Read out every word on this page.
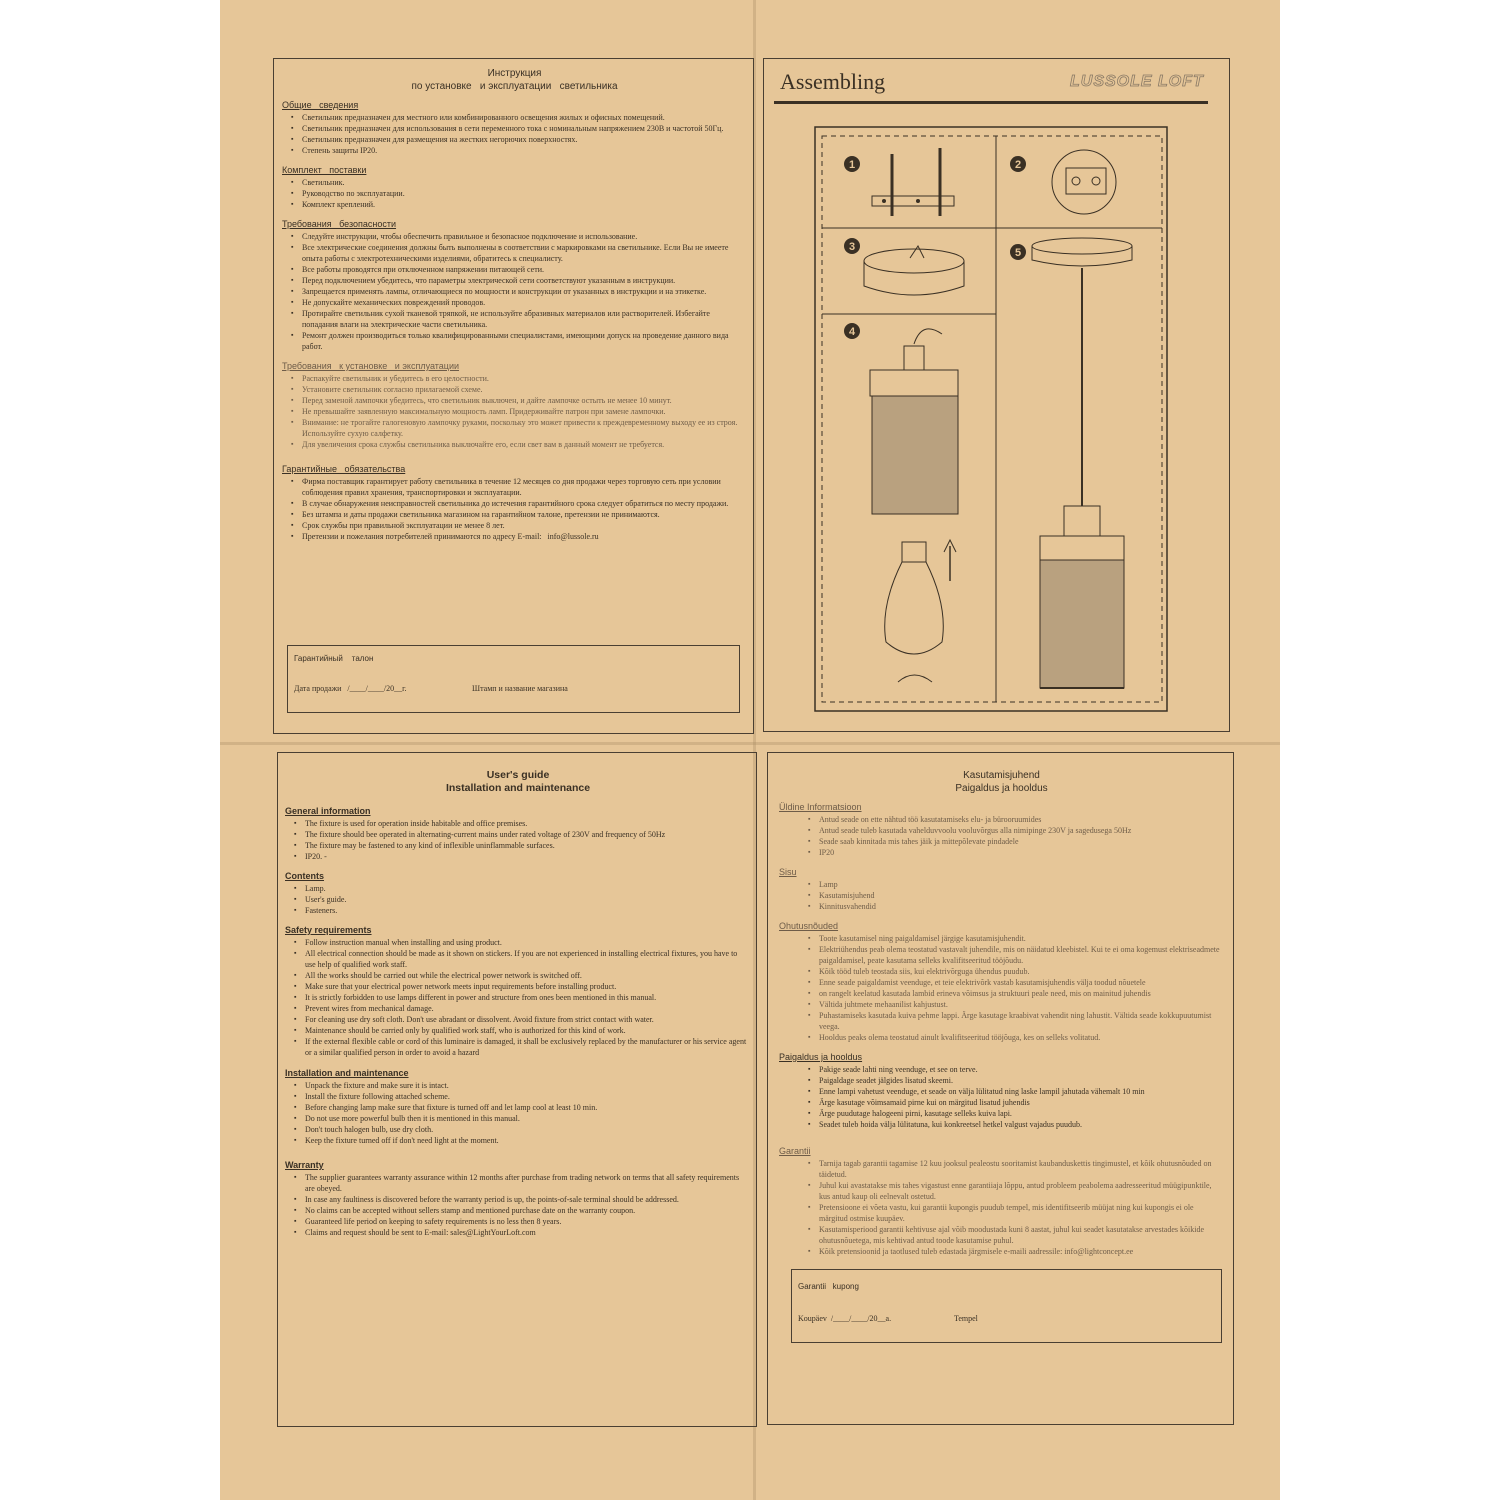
Инструкция
по установке   и эксплуатации   светильника
Общие   сведения
▪ Светильник предназначен для местного или комбинированного освещения жилых и офисных помещений.
▪ Светильник предназначен для использования в сети переменного тока с номинальным напряжением 230В и частотой 50Гц.
▪ Светильник предназначен для размещения на жестких негорючих поверхностях.
▪ Степень защиты IP20.
Комплект   поставки
▪ Светильник.
▪ Руководство по эксплуатации.
▪ Комплект креплений.
Требования   безопасности
▪ Следуйте инструкции, чтобы обеспечить правильное и безопасное подключение и использование.
▪ Все электрические соединения должны быть выполнены в соответствии с маркировками на светильнике. Если Вы не имеете опыта работы с электротехническими изделиями, обратитесь к специалисту.
▪ Все работы проводятся при отключенном напряжении питающей сети.
▪ Перед подключением убедитесь, что параметры электрической сети соответствуют указанным в инструкции.
▪ Запрещается применять лампы, отличающиеся по мощности и конструкции от указанных в инструкции и на этикетке.
▪ Не допускайте механических повреждений проводов.
▪ Протирайте светильник сухой тканевой тряпкой, не используйте абразивных материалов или растворителей. Избегайте попадания влаги на электрические части светильника.
▪ Ремонт должен производиться только квалифицированными специалистами, имеющими допуск на проведение данного вида работ.
Требования   к установке   и эксплуатации
▪ Распакуйте светильник и убедитесь в его целостности.
▪ Установите светильник согласно прилагаемой схеме.
▪ Перед заменой лампочки убедитесь, что светильник выключен, и дайте лампочке остыть не менее 10 минут.
▪ Не превышайте заявленную максимальную мощность ламп. Придерживайте патрон при замене лампочки.
▪ Внимание: не трогайте галогеновую лампочку руками, поскольку это может привести к преждевременному выходу ее из строя. Используйте сухую салфетку.
▪ Для увеличения срока службы светильника выключайте его, если свет вам в данный момент не требуется.
Гарантийные   обязательства
▪ Фирма поставщик гарантирует работу светильника в течение 12 месяцев со дня продажи через торговую сеть при условии соблюдения правил хранения, транспортировки и эксплуатации.
▪ В случае обнаружения неисправностей светильника до истечения гарантийного срока следует обратиться по месту продажи.
▪ Без штампа и даты продажи светильника магазином на гарантийном талоне, претензии не принимаются.
▪ Срок службы при правильной эксплуатации не менее 8 лет.
▪ Претензии и пожелания потребителей принимаются по адресу E-mail:   info@lussole.ru
Гарантийный    талон
Дата продажи   /____/____/20__г.	Штамп и название магазина
Assembling	LUSSOLE LOFT
1	2
3	5
4
User's guide
Installation and maintenance
General information
▪ The fixture is used for operation inside habitable and office premises.
▪ The fixture should bee operated in alternating-current mains under rated voltage of 230V and frequency of 50Hz
▪ The fixture may be fastened to any kind of inflexible uninflammable surfaces.
▪ IP20. -
Contents
▪ Lamp.
▪ User's guide.
▪ Fasteners.
Safety requirements
▪ Follow instruction manual when installing and using product.
▪ All electrical connection should be made as it shown on stickers. If you are not experienced in installing electrical fixtures, you have to use help of qualified work staff.
▪ All the works should be carried out while the electrical power network is switched off.
▪ Make sure that your electrical power network meets input requirements before installing product.
▪ It is strictly forbidden to use lamps different in power and structure from ones been mentioned in this manual.
▪ Prevent wires from mechanical damage.
▪ For cleaning use dry soft cloth. Don't use abradant or dissolvent. Avoid fixture from strict contact with water.
▪ Maintenance should be carried only by qualified work staff, who is authorized for this kind of work.
▪ If the external flexible cable or cord of this luminaire is damaged, it shall be exclusively replaced by the manufacturer or his service agent or a similar qualified person in order to avoid a hazard
Installation and maintenance
▪ Unpack the fixture and make sure it is intact.
▪ Install the fixture following attached scheme.
▪ Before changing lamp make sure that fixture is turned off and let lamp cool at least 10 min.
▪ Do not use more powerful bulb then it is mentioned in this manual.
▪ Don't touch halogen bulb, use dry cloth.
▪ Keep the fixture turned off if don't need light at the moment.
Warranty
▪ The supplier guarantees warranty assurance within 12 months after purchase from trading network on terms that all safety requirements are obeyed.
▪ In case any faultiness is discovered before the warranty period is up, the points-of-sale terminal should be addressed.
▪ No claims can be accepted without sellers stamp and mentioned purchase date on the warranty coupon.
▪ Guaranteed life period on keeping to safety requirements is no less then 8 years.
▪ Claims and request should be sent to E-mail: sales@LightYourLoft.com
Kasutamisjuhend
Paigaldus ja hooldus
Üldine Informatsioon
▪ Antud seade on ette nähtud töö kasutatamiseks elu- ja bürooruumides
▪ Antud seade tuleb kasutada vahelduvvoolu vooluvõrgus alla nimipinge 230V ja sagedusega 50Hz
▪ Seade saab kinnitada mis tahes jäik ja mittepõlevate pindadele
▪ IP20
Sisu
▪ Lamp
▪ Kasutamisjuhend
▪ Kinnitusvahendid
Ohutusnõuded
▪ Toote kasutamisel ning paigaldamisel järgige kasutamisjuhendit.
▪ Elektriühendus peab olema teostatud vastavalt juhendile, mis on näidatud kleebistel. Kui te ei oma kogemust elektriseadmete paigaldamisel, peate kasutama selleks kvalifitseeritud tööjõudu.
▪ Kõik tööd tuleb teostada siis, kui elektrivõrguga ühendus puudub.
▪ Enne seade paigaldamist veenduge, et teie elektrivõrk vastab kasutamisjuhendis välja toodud nõuetele
▪ on rangelt keelatud kasutada lambid erineva võimsus ja struktuuri peale need, mis on mainitud juhendis
▪ Vältida juhtmete mehaanilist kahjustust.
▪ Puhastamiseks kasutada kuiva pehme lappi. Ärge kasutage kraabivat vahendit ning lahustit. Vältida seade kokkupuutumist veega.
▪ Hooldus peaks olema teostatud ainult kvalifitseeritud tööjõuga, kes on selleks volitatud.
Paigaldus ja hooldus
▪ Pakige seade lahti ning veenduge, et see on terve.
▪ Paigaldage seadet jälgides lisatud skeemi.
▪ Enne lampi vahetust veenduge, et seade on välja lülitatud ning laske lampil jahutada vähemalt 10 min
▪ Ärge kasutage võimsamaid pirne kui on märgitud lisatud juhendis
▪ Ärge puudutage halogeeni pirni, kasutage selleks kuiva lapi.
▪ Seadet tuleb hoida välja lülitatuna, kui konkreetsel hetkel valgust vajadus puudub.
Garantii
▪ Tarnija tagab garantii tagamise 12 kuu jooksul pealeostu sooritamist kaubanduskettis tingimustel, et kõik ohutusnõuded on täidetud.
▪ Juhul kui avastatakse mis tahes vigastust enne garantiiaja lõppu, antud probleem peabolema aadresseeritud müügipunktile, kus antud kaup oli eelnevalt ostetud.
▪ Pretensioone ei võeta vastu, kui garantii kupongis puudub tempel, mis identifitseerib müüjat ning kui kupongis ei ole märgitud ostmise kuupäev.
▪ Kasutamisperiood garantii kehtivuse ajal võib moodustada kuni 8 aastat, juhul kui seadet kasutatakse arvestades kõikide ohutusnõuetega, mis kehtivad antud toode kasutamise puhul.
▪ Kõik pretensioonid ja taotlused tuleb edastada järgmisele e-maili aadressile: info@lightconcept.ee
Garantii   kupong
Koupäev  /____/____/20__a.	Tempel
